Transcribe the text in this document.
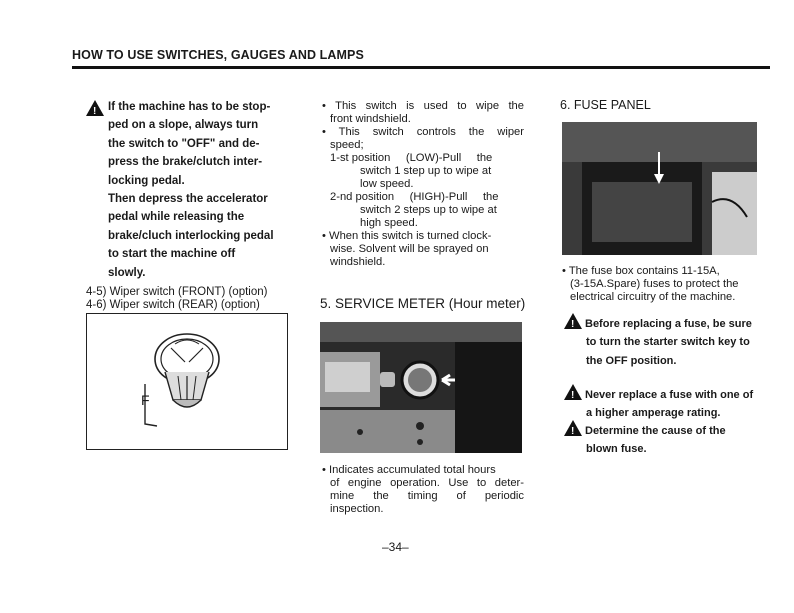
HOW TO USE SWITCHES, GAUGES AND LAMPS
!
If the machine has to be stop-
ped on a slope, always turn
the switch to "OFF" and de-
press the brake/clutch inter-
locking pedal.
Then depress the accelerator
pedal while releasing the
brake/cluch interlocking pedal
to start the machine off
slowly.
4-5) Wiper switch (FRONT) (option)
4-6) Wiper switch (REAR) (option)
F
• This switch is used to wipe the
front windshield.
• This switch controls the wiper
speed;
1-st position     (LOW)-Pull     the
switch 1 step up to wipe at
low speed.
2-nd position     (HIGH)-Pull     the
switch 2 steps up to wipe at
high speed.
• When this switch is turned clock-
wise. Solvent will be sprayed on
windshield.
5. SERVICE METER (Hour meter)
• Indicates accumulated total hours
of engine operation. Use to deter-
mine the timing of periodic
inspection.
6. FUSE PANEL
• The fuse box contains 11-15A,
(3-15A.Spare) fuses to protect the
electrical circuitry of the machine.
!Before replacing a fuse, be sure
to turn the starter switch key to
the OFF position.
!Never replace a fuse with one of
a higher amperage rating.
!Determine the cause of the
blown fuse.
–34–
